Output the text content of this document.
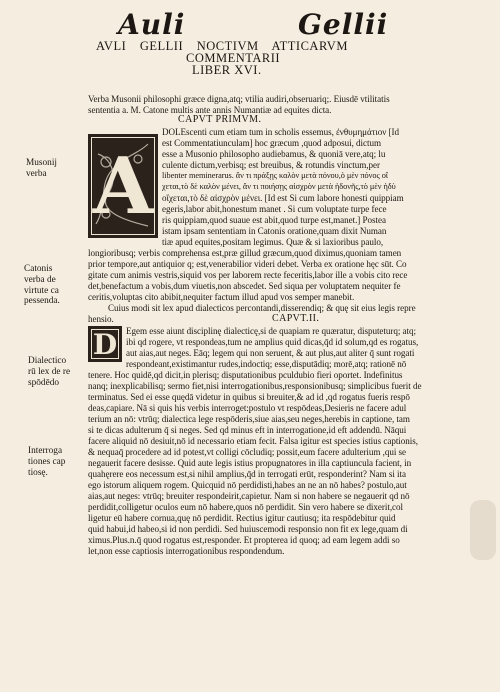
Auli	Gellii
AVLI GELLII NOCTIVM ATTICARVM
COMMENTARII
LIBER XVI.
Verba Musonii philosophi græce digna,atq; vtilia audiri,obseruariq;. Eiusdē vtilitatis
sententia a. M. Catone multis ante annis Numantiæ ad equites dicta.
CAPVT PRIMVM.
A
DOLEscenti cum etiam tum in scholis essemus, ἐνθυμημάτιον [Id
est Commentatiunculam] hoc græcum ,quod adposui, dictum
esse a Musonio philosopho audiebamus, & quoniā vere,atq; lu
culente dictum,verbisq; est breuibus, & rotundis vinctum,per
libenter meminerarus. ἄν τι πράξῃς καλὸν μετὰ πόνου,ὁ μὲν πόνος οἴ
χεται,τὸ δὲ καλὸν μένει, ἄν τι ποιήσῃς αἰσχρὸν μετὰ ἡδονῆς,τὸ μὲν ἡδὺ
οἴχεται,τὸ δὲ αἰσχρὸν μένει. [Id est Si cum labore honesti quippiam
egeris,labor abit,honestum manet . Si cum voluptate turpe fece
ris quippiam,quod suaue est abit,quod turpe est,manet.] Postea
istam ipsam sententiam in Catonis oratione,quam dixit Numan
tiæ apud equites,positam legimus. Quæ & si laxioribus paulo,
longioribusq; verbis comprehensa est,præ gillud græcum,quod diximus,quoniam tamen
prior tempore,aut antiquior q; est,venerabilior videri debet. Verba ex oratione hęc sūt. Co
gitate cum animis vestris,siquid vos per laborem recte feceritis,labor ille a vobis cito rece
det,benefactum a vobis,dum viuetis,non abscedet. Sed siqua per voluptatem nequiter fe
ceritis,voluptas cito abibit,nequiter factum illud apud vos semper manebit.
Cuius modi sit lex apud dialecticos percontandi,disserendiq; & quę sit eius legis repre
hensio.	CAPVT.II.
D Egem esse aiunt disciplinę dialecticę,si de quapiam re quæratur, disputeturq; atq;
ibi qd rogere, vt respondeas,tum ne amplius quid dicas,q̄d id solum,qd es rogatus,
aut aias,aut neges. Eāq; legem qui non seruent, & aut plus,aut aliter q̄ sunt rogati
respondeant,existimantur rudes,indoctiq; esse,disputādiq; morē,atq; rationē nō
tenere. Hoc quidē,qd dicit,in plerisq; disputationibus pculdubio fieri oportet. Indefinitus
nanq; inexplicabilisq; sermo fiet,nisi interrogationibus,responsionibusq; simplicibus fuerit de
terminatus. Sed ei esse quędā videtur in quibus si breuiter,& ad id ,qd rogatus fueris respō
deas,capiare. Nā si quis his verbis interroget:postulo vt respōdeas,Desieris ne facere adul
terium an nō: vtrūq; dialectica lege respōderis,siue aias,seu neges,herebis in captione, tam
si te dicas adulterum q̄ si neges. Sed qd minus eft in interrogatione,id eft addendū. Nāqui
facere aliquid nō desiuit,nō id necessario etiam fecit. Falsa igitur est species istius captionis,
& nequaq̄ procedere ad id potest,vt colligi cōcludiq; possit,eum facere adulterium ,qui se
negauerit facere desisse. Quid aute legis istius propugnatores in illa captiuncula facient, in
quahęrere eos necessum est,si nihil amplius,q̄d in terrogati erūt, responderint? Nam si ita
ego istorum aliquem rogem. Quicquid nō perdidisti,habes an ne an nō habes? postulo,aut
aias,aut neges: vtrūq; breuiter respondeirit,capietur. Nam si non habere se negauerit qd nō
perdidit,colligetur oculos eum nō habere,quos nō perdidit. Sin vero habere se dixerit,col
ligetur eū habere cornua,quę nō perdidit. Rectius igitur cautiusq; ita respōdebitur quid
quid habui,id habeo,si id non perdidi. Sed huiuscemodi responsio non fit ex lege,quam di
ximus.Plus.n.q̄ quod rogatus est,responder. Et propterea id quoq; ad eam legem addi so
let,non esse captiosis interrogationibus respondendum.
Musonij
verba
Catonis
verba de
virtute ca
pessenda.
Dialectico
rū lex de re
spōdēdo
Interroga
tiones cap
tiosę.
